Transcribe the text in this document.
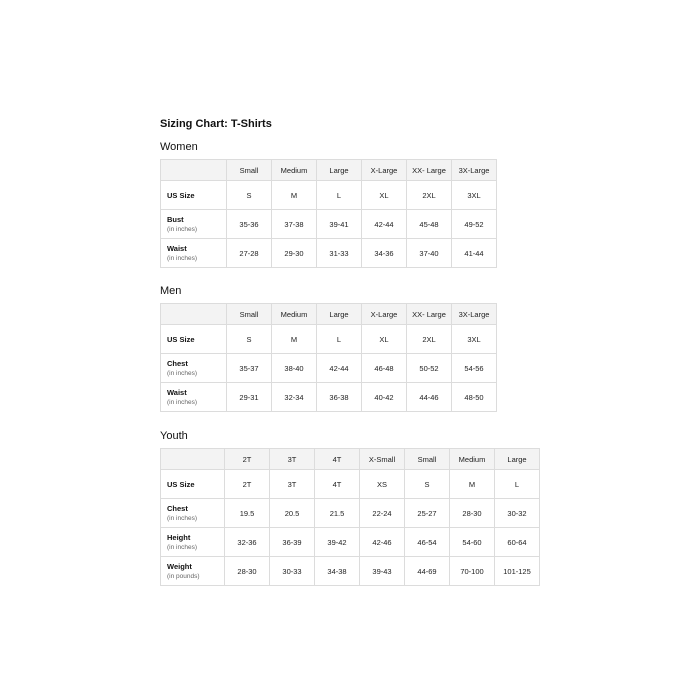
Sizing Chart: T-Shirts
Women
	Small	Medium	Large	X-Large	XX- Large	3X-Large

US Size	S	M	L	XL	2XL	3XL

Bust
(in inches)	35-36	37-38	39-41	42-44	45-48	49-52

Waist
(in inches)	27-28	29-30	31-33	34-36	37-40	41-44
Men
	Small	Medium	Large	X-Large	XX- Large	3X-Large

US Size	S	M	L	XL	2XL	3XL

Chest
(in inches)	35-37	38-40	42-44	46-48	50-52	54-56

Waist
(in inches)	29-31	32-34	36-38	40-42	44-46	48-50
Youth
	2T	3T	4T	X-Small	Small	Medium	Large

US Size	2T	3T	4T	XS	S	M	L

Chest
(in inches)	19.5	20.5	21.5	22-24	25-27	28-30	30-32

Height
(in inches)	32-36	36-39	39-42	42-46	46-54	54-60	60-64

Weight
(in pounds)	28-30	30-33	34-38	39-43	44-69	70-100	101-125
